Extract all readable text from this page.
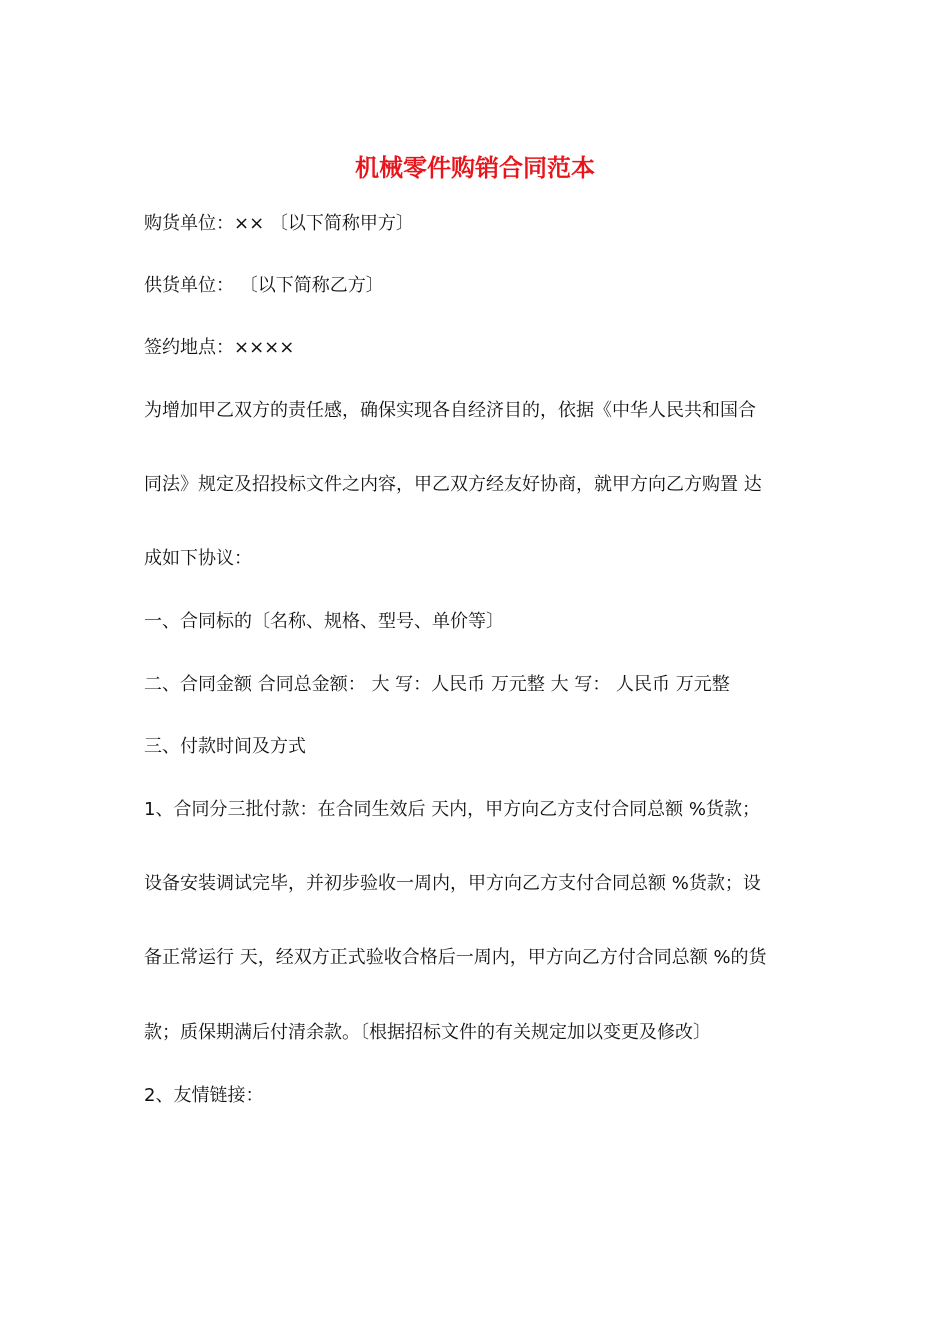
机械零件购销合同范本
购货单位：×× 〔以下简称甲方〕
供货单位： 〔以下简称乙方〕
签约地点：××××
为增加甲乙双方的责任感，确保实现各自经济目的，依据《中华人民共和国合
同法》规定及招投标文件之内容，甲乙双方经友好协商，就甲方向乙方购置 达
成如下协议：
一、合同标的〔名称、规格、型号、单价等〕
二、合同金额 合同总金额： 大 写：人民币 万元整 大 写： 人民币 万元整
三、付款时间及方式
1、合同分三批付款：在合同生效后 天内，甲方向乙方支付合同总额 %货款；
设备安装调试完毕，并初步验收一周内，甲方向乙方支付合同总额 %货款；设
备正常运行 天，经双方正式验收合格后一周内，甲方向乙方付合同总额 %的货
款；质保期满后付清余款。〔根据招标文件的有关规定加以变更及修改〕
2、友情链接：
